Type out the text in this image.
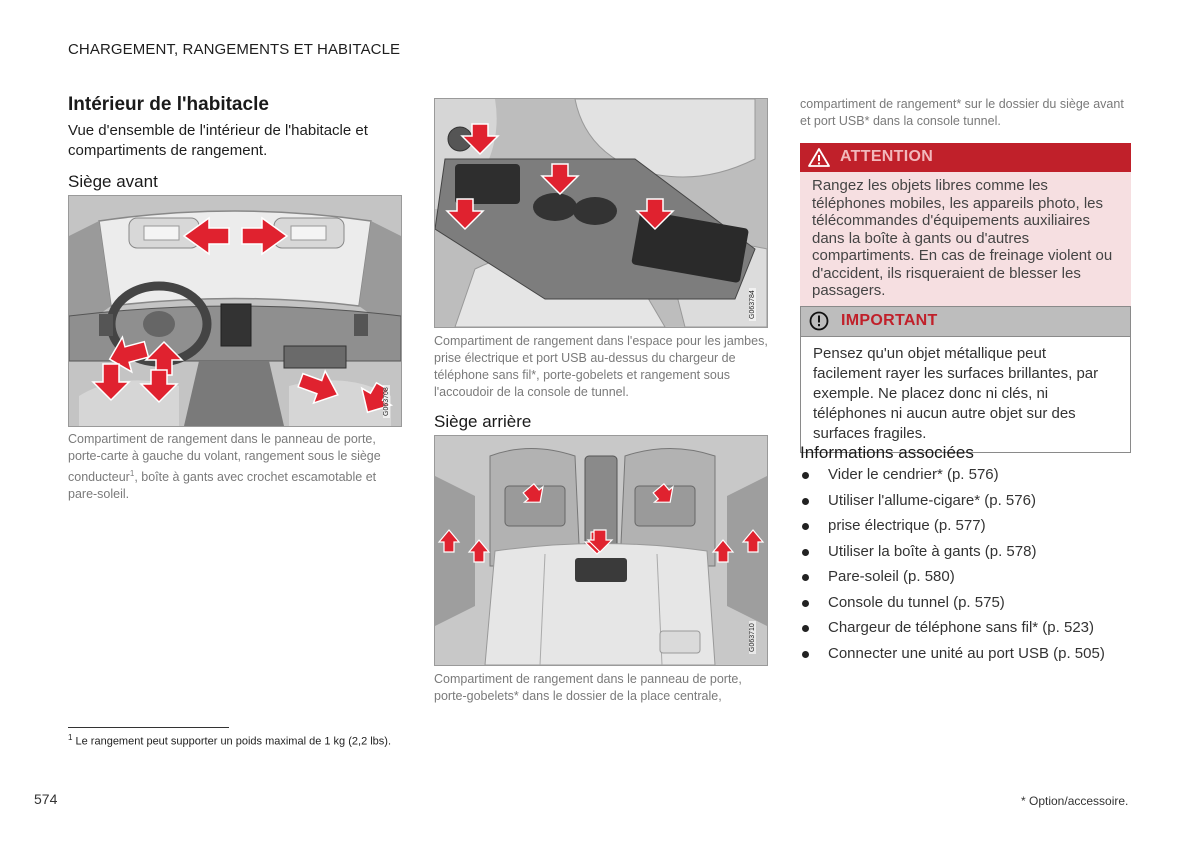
CHARGEMENT, RANGEMENTS ET HABITACLE
Intérieur de l'habitacle
Vue d'ensemble de l'intérieur de l'habitacle et compartiments de rangement.
Siège avant
G063708
Compartiment de rangement dans le panneau de porte, porte-carte à gauche du volant, rangement sous le siège conducteur$^1$, boîte à gants avec crochet escamotable et pare-soleil.
G063784
Compartiment de rangement dans l'espace pour les jambes, prise électrique et port USB au-dessus du chargeur de téléphone sans fil*, porte-gobelets et rangement sous l'accoudoir de la console de tunnel.
Siège arrière
G063710
Compartiment de rangement dans le panneau de porte, porte-gobelets* dans le dossier de la place centrale,
compartiment de rangement* sur le dossier du siège avant et port USB* dans la console tunnel.
ATTENTION
Rangez les objets libres comme les téléphones mobiles, les appareils photo, les télécommandes d'équipements auxiliaires dans la boîte à gants ou d'autres compartiments. En cas de freinage violent ou d'accident, ils risqueraient de blesser les passagers.
IMPORTANT
Pensez qu'un objet métallique peut facilement rayer les surfaces brillantes, par exemple. Ne placez donc ni clés, ni téléphones ni aucun autre objet sur des surfaces fragiles.
Informations associées
Vider le cendrier* (p. 576)
Utiliser l'allume-cigare* (p. 576)
prise électrique (p. 577)
Utiliser la boîte à gants (p. 578)
Pare-soleil (p. 580)
Console du tunnel (p. 575)
Chargeur de téléphone sans fil* (p. 523)
Connecter une unité au port USB (p. 505)
$^1$ Le rangement peut supporter un poids maximal de 1 kg (2,2 lbs).
574	* Option/accessoire.
